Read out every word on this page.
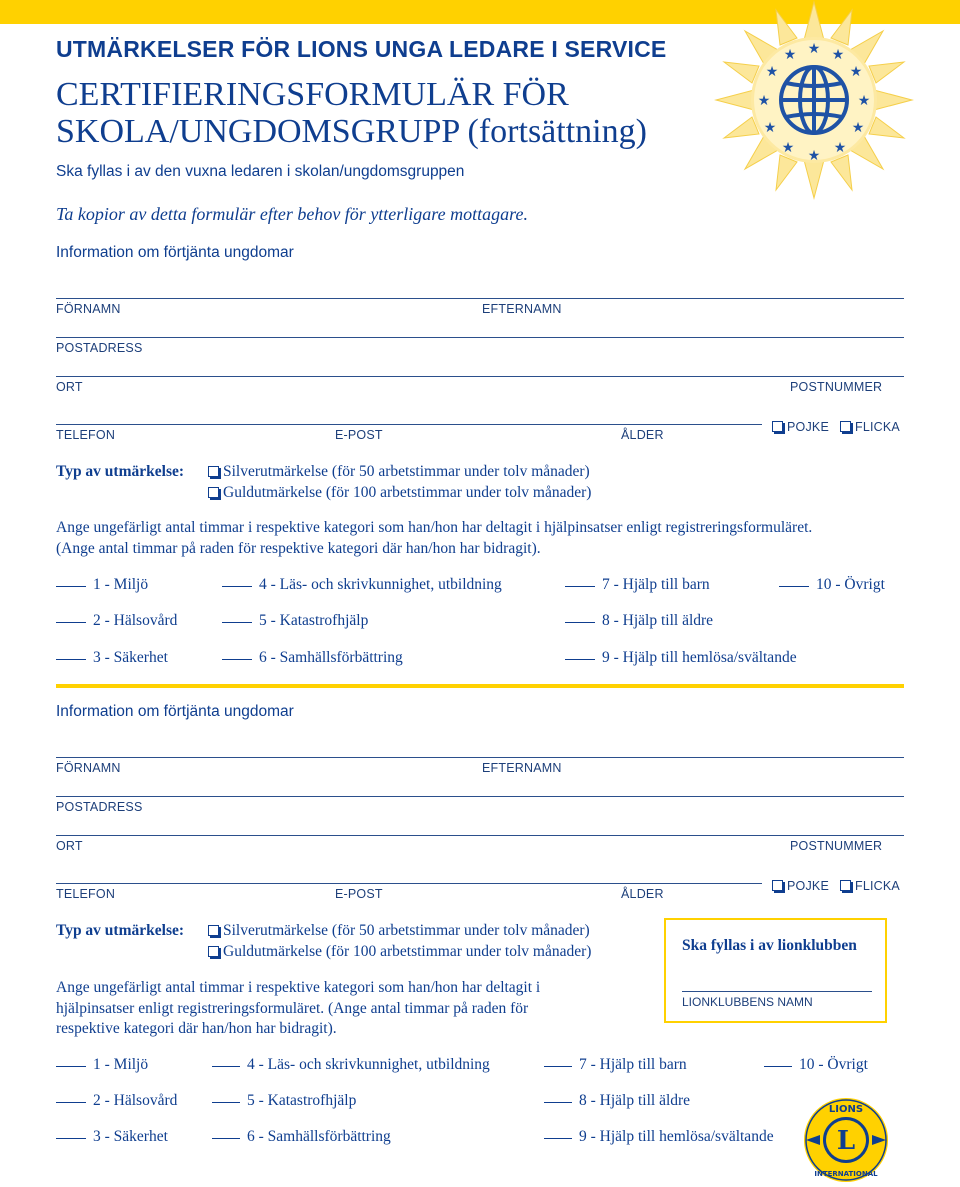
UTMÄRKELSER FÖR LIONS UNGA LEDARE I SERVICE
CERTIFIERINGSFORMULÄR FÖR
SKOLA/UNGDOMSGRUPP (fortsättning)
Ska fyllas i av den vuxna ledaren i skolan/ungdomsgruppen
Ta kopior av detta formulär efter behov för ytterligare mottagare.
★ ★
★
★
★
★
★
★
★
★
★ ★
Information om förtjänta ungdomar
FÖRNAMN	EFTERNAMN
POSTADRESS
ORT	POSTNUMMER
TELEFON	E-POST	ÅLDER
POJKE	FLICKA
Typ av utmärkelse:	Silverutmärkelse (för 50 arbetstimmar under tolv månader)
Guldutmärkelse (för 100 arbetstimmar under tolv månader)
Ange ungefärligt antal timmar i respektive kategori som han/hon har deltagit i hjälpinsatser enligt registreringsformuläret.
(Ange antal timmar på raden för respektive kategori där han/hon har bidragit).
1 - Miljö	4 - Läs- och skrivkunnighet, utbildning	7 - Hjälp till barn	10 - Övrigt
2 - Hälsovård	5 - Katastrofhjälp	8 - Hjälp till äldre
3 - Säkerhet	6 - Samhällsförbättring	9 - Hjälp till hemlösa/svältande
Information om förtjänta ungdomar
FÖRNAMN	EFTERNAMN
POSTADRESS
ORT	POSTNUMMER
TELEFON	E-POST	ÅLDER
POJKE	FLICKA
Typ av utmärkelse:	Silverutmärkelse (för 50 arbetstimmar under tolv månader)
Guldutmärkelse (för 100 arbetstimmar under tolv månader)
Ange ungefärligt antal timmar i respektive kategori som han/hon har deltagit i
hjälpinsatser enligt registreringsformuläret. (Ange antal timmar på raden för
respektive kategori där han/hon har bidragit).
Ska fyllas i av lionklubben
LIONKLUBBENS NAMN
1 - Miljö	4 - Läs- och skrivkunnighet, utbildning	7 - Hjälp till barn	10 - Övrigt
2 - Hälsovård	5 - Katastrofhjälp	8 - Hjälp till äldre
3 - Säkerhet	6 - Samhällsförbättring	9 - Hjälp till hemlösa/svältande L
LIONS
INTERNATIONAL
